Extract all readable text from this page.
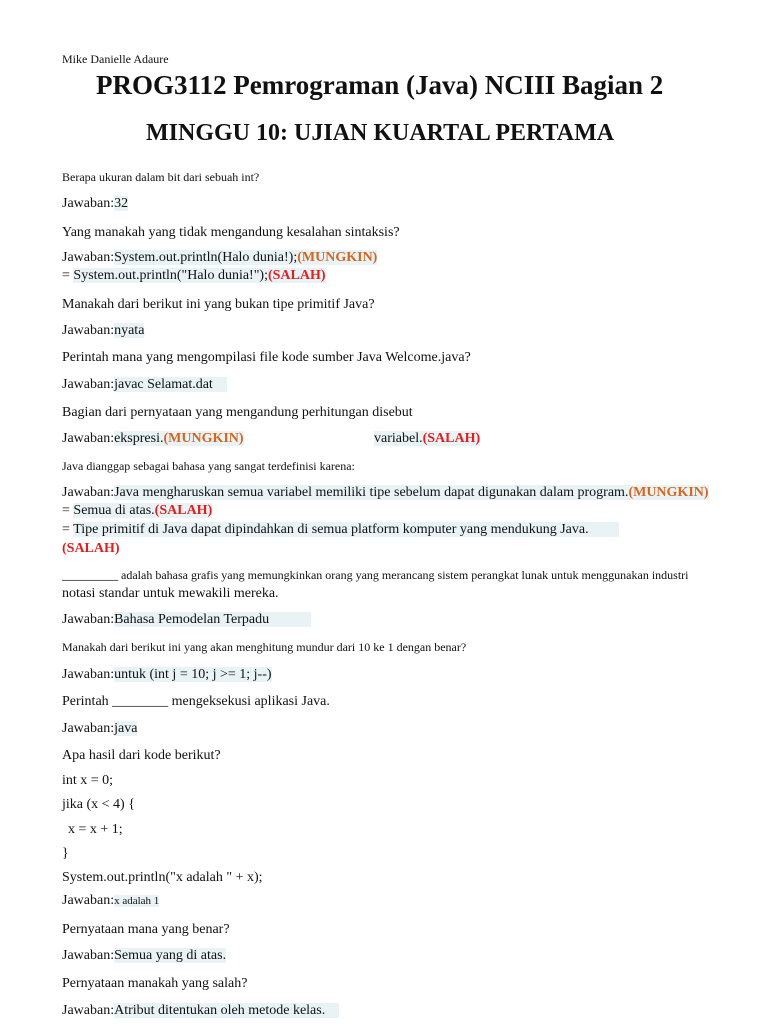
Mike Danielle Adaure
PROG3112 Pemrograman (Java) NCIII Bagian 2
MINGGU 10: UJIAN KUARTAL PERTAMA
Berapa ukuran dalam bit dari sebuah int?
Jawaban:32
Yang manakah yang tidak mengandung kesalahan sintaksis?
Jawaban:System.out.println(Halo dunia!);(MUNGKIN)
= System.out.println("Halo dunia!");(SALAH)
Manakah dari berikut ini yang bukan tipe primitif Java?
Jawaban:nyata
Perintah mana yang mengompilasi file kode sumber Java Welcome.java?
Jawaban:javac Selamat.dat
Bagian dari pernyataan yang mengandung perhitungan disebut
Jawaban:ekspresi.(MUNGKIN)	variabel.(SALAH)
Java dianggap sebagai bahasa yang sangat terdefinisi karena:
Jawaban:Java mengharuskan semua variabel memiliki tipe sebelum dapat digunakan dalam program.(MUNGKIN)
= Semua di atas.(SALAH)
= Tipe primitif di Java dapat dipindahkan di semua platform komputer yang mendukung Java.
(SALAH)
________ adalah bahasa grafis yang memungkinkan orang yang merancang sistem perangkat lunak untuk menggunakan industri
notasi standar untuk mewakili mereka.
Jawaban:Bahasa Pemodelan Terpadu
Manakah dari berikut ini yang akan menghitung mundur dari 10 ke 1 dengan benar?
Jawaban:untuk (int j = 10; j >= 1; j--)
Perintah ________ mengeksekusi aplikasi Java.
Jawaban:java
Apa hasil dari kode berikut?
int x = 0;
jika (x < 4) {
x = x + 1;
}
System.out.println("x adalah " + x);
Jawaban:x adalah 1
Pernyataan mana yang benar?
Jawaban:Semua yang di atas.
Pernyataan manakah yang salah?
Jawaban:Atribut ditentukan oleh metode kelas.
